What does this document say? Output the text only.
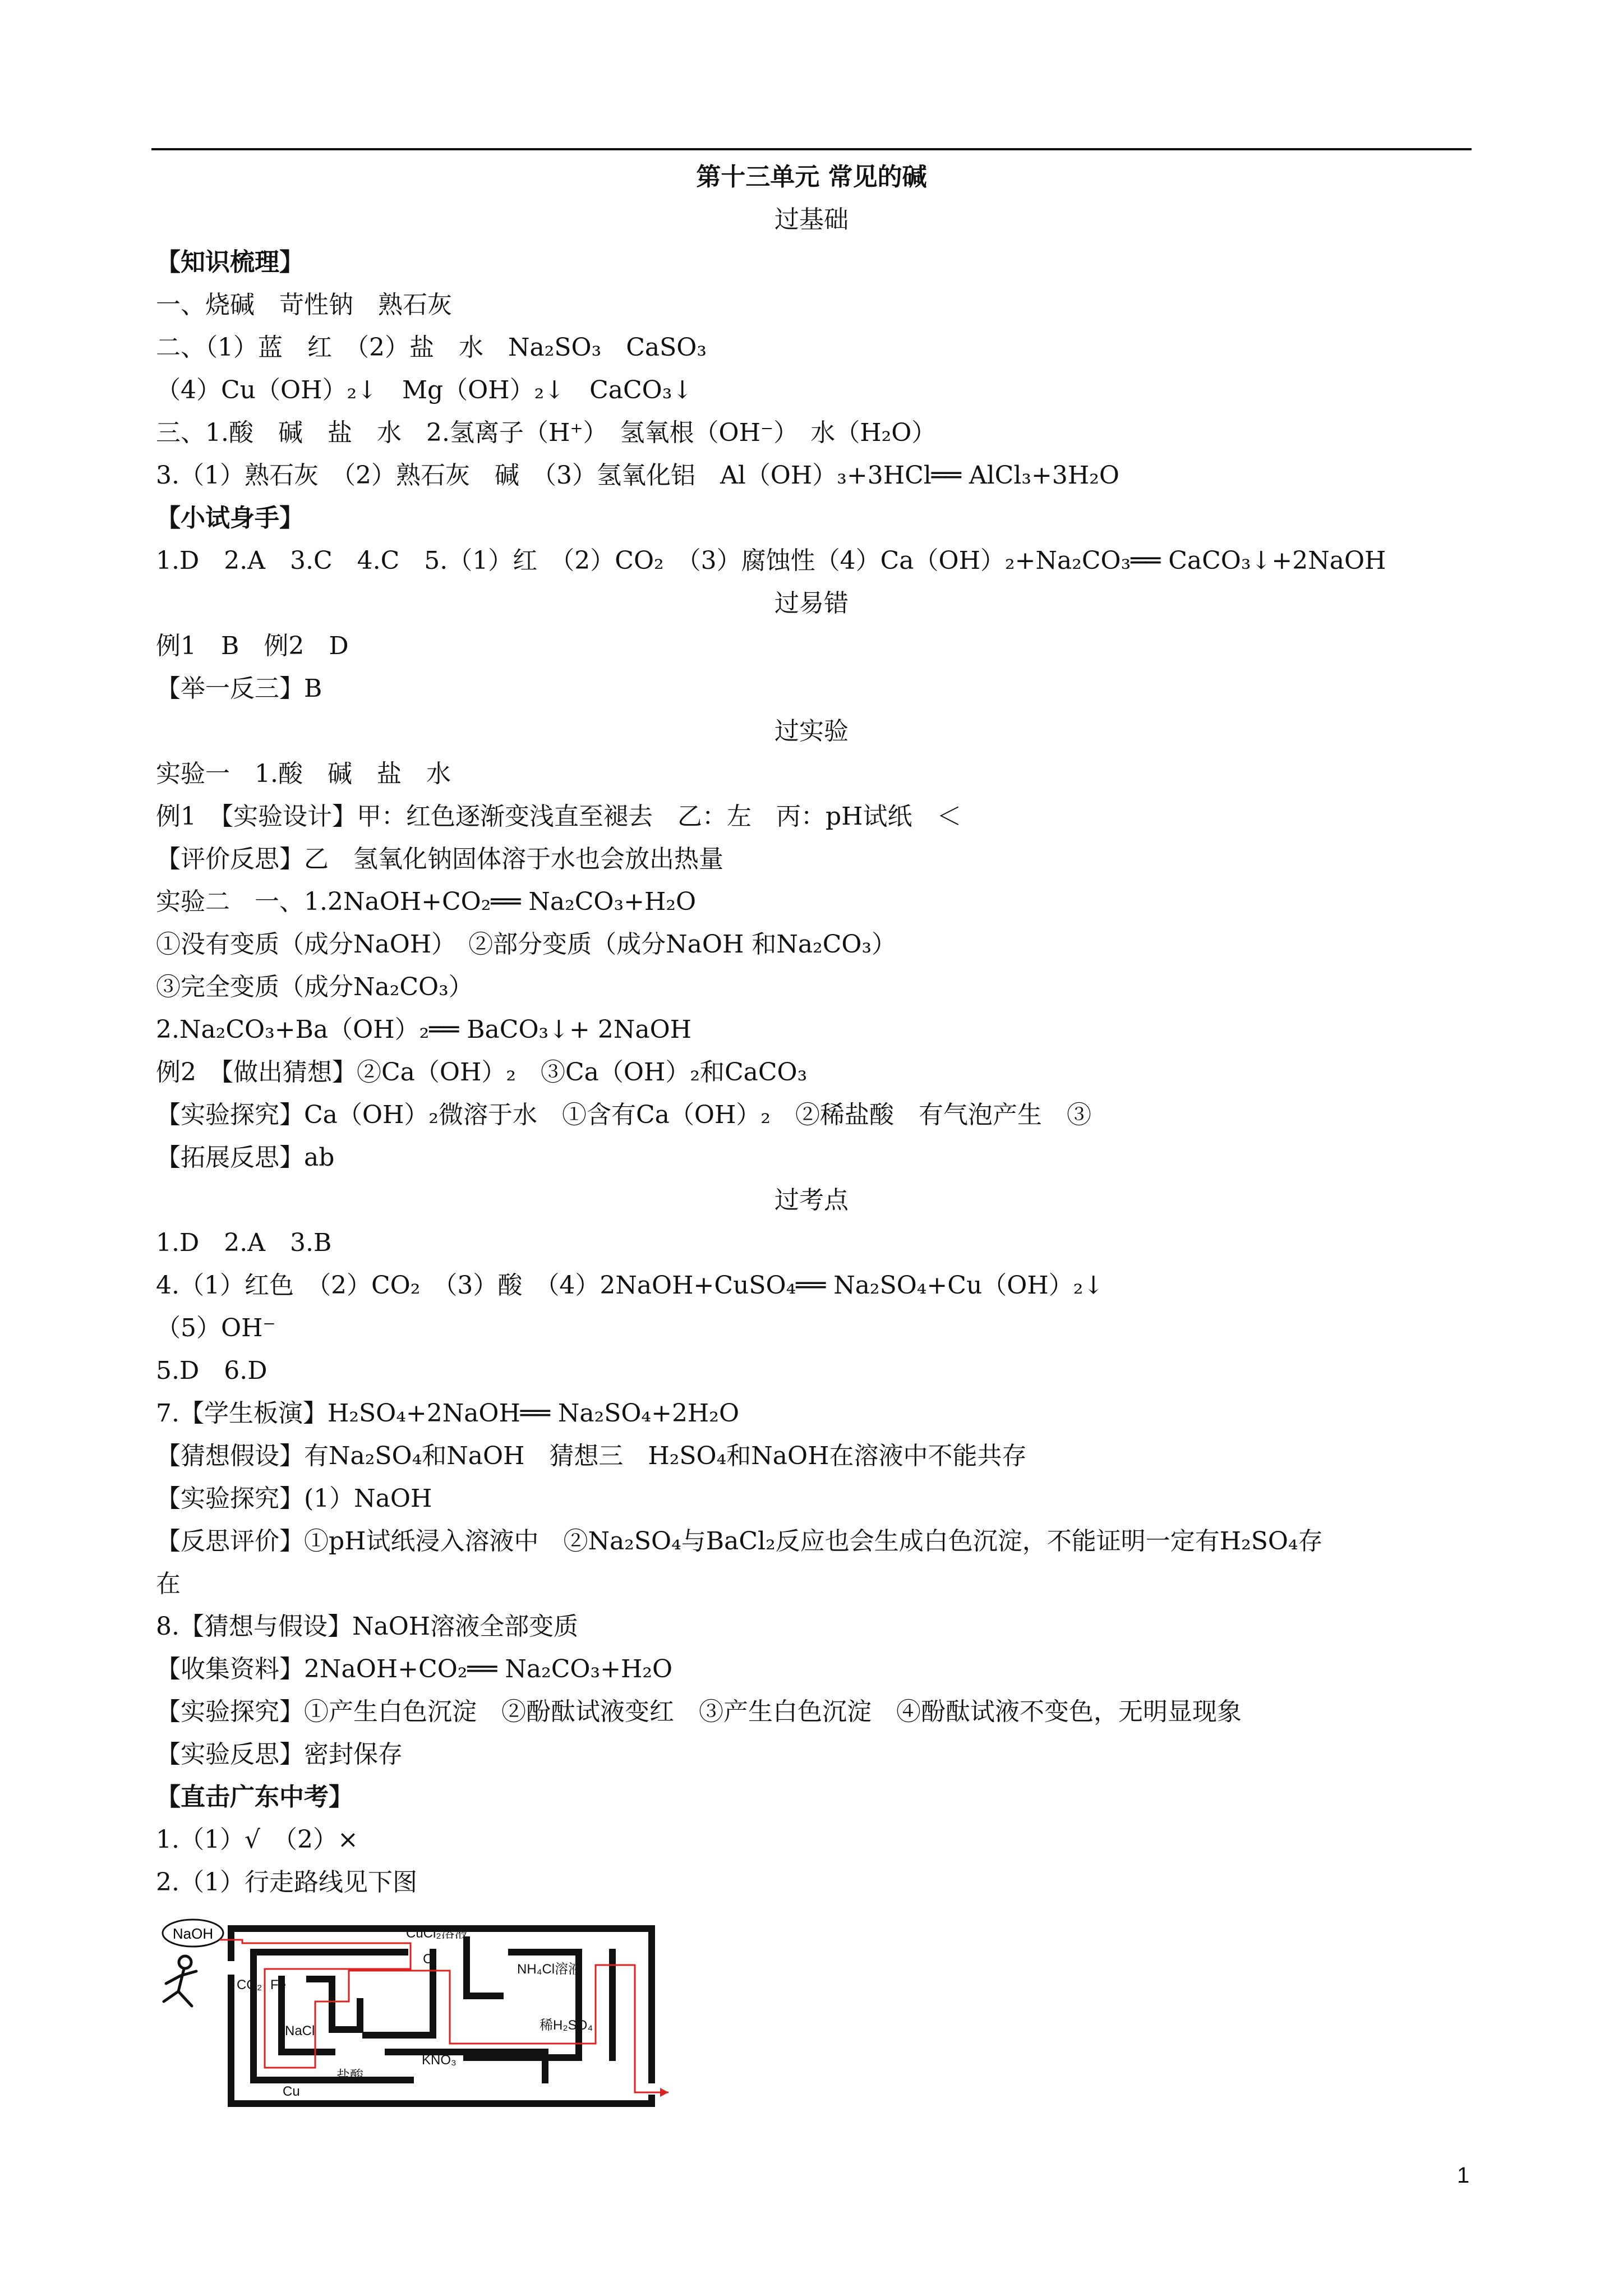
第十三单元 常见的碱
过基础
【知识梳理】
一、烧碱　苛性钠　熟石灰
二、（1）蓝　红　（2）盐　水　Na₂SO₃　CaSO₃
（4）Cu（OH）₂↓　Mg（OH）₂↓　CaCO₃↓
三、1.酸　碱　盐　水　2.氢离子（H⁺）　氢氧根（OH⁻）　水（H₂O）
3.（1）熟石灰　（2）熟石灰　碱　（3）氢氧化铝　Al（OH）₃+3HCl══ AlCl₃+3H₂O
【小试身手】
1.D　2.A　3.C　4.C　5.（1）红　（2）CO₂　（3）腐蚀性（4）Ca（OH）₂+Na₂CO₃══ CaCO₃↓+2NaOH
过易错
例1　B　例2　D
【举一反三】B
过实验
实验一　1.酸　碱　盐　水
例1　【实验设计】甲：红色逐渐变浅直至褪去　乙：左　丙：pH试纸　＜
【评价反思】乙　氢氧化钠固体溶于水也会放出热量
实验二　一、1.2NaOH+CO₂══ Na₂CO₃+H₂O
①没有变质（成分NaOH）　②部分变质（成分NaOH 和Na₂CO₃）
③完全变质（成分Na₂CO₃）
2.Na₂CO₃+Ba（OH）₂══ BaCO₃↓+ 2NaOH
例2　【做出猜想】②Ca（OH）₂　③Ca（OH）₂和CaCO₃
【实验探究】Ca（OH）₂微溶于水　①含有Ca（OH）₂　②稀盐酸　有气泡产生　③
【拓展反思】ab
过考点
1.D　2.A　3.B
4.（1）红色　（2）CO₂　（3）酸　（4）2NaOH+CuSO₄══ Na₂SO₄+Cu（OH）₂↓
（5）OH⁻
5.D　6.D
7.【学生板演】H₂SO₄+2NaOH══ Na₂SO₄+2H₂O
【猜想假设】有Na₂SO₄和NaOH　猜想三　H₂SO₄和NaOH在溶液中不能共存
【实验探究】(1）NaOH
【反思评价】①pH试纸浸入溶液中　②Na₂SO₄与BaCl₂反应也会生成白色沉淀，不能证明一定有H₂SO₄存
在
8.【猜想与假设】NaOH溶液全部变质
【收集资料】2NaOH+CO₂══ Na₂CO₃+H₂O
【实验探究】①产生白色沉淀　②酚酞试液变红　③产生白色沉淀　④酚酞试液不变色，无明显现象
【实验反思】密封保存
【直击广东中考】
1.（1）√　（2）×
2.（1）行走路线见下图
NaOH	CuCl₂溶液
C
NH₄Cl溶液
CO₂ Fe
NaCl	稀H₂SO₄
KNO₃
盐酸
Cu
1
